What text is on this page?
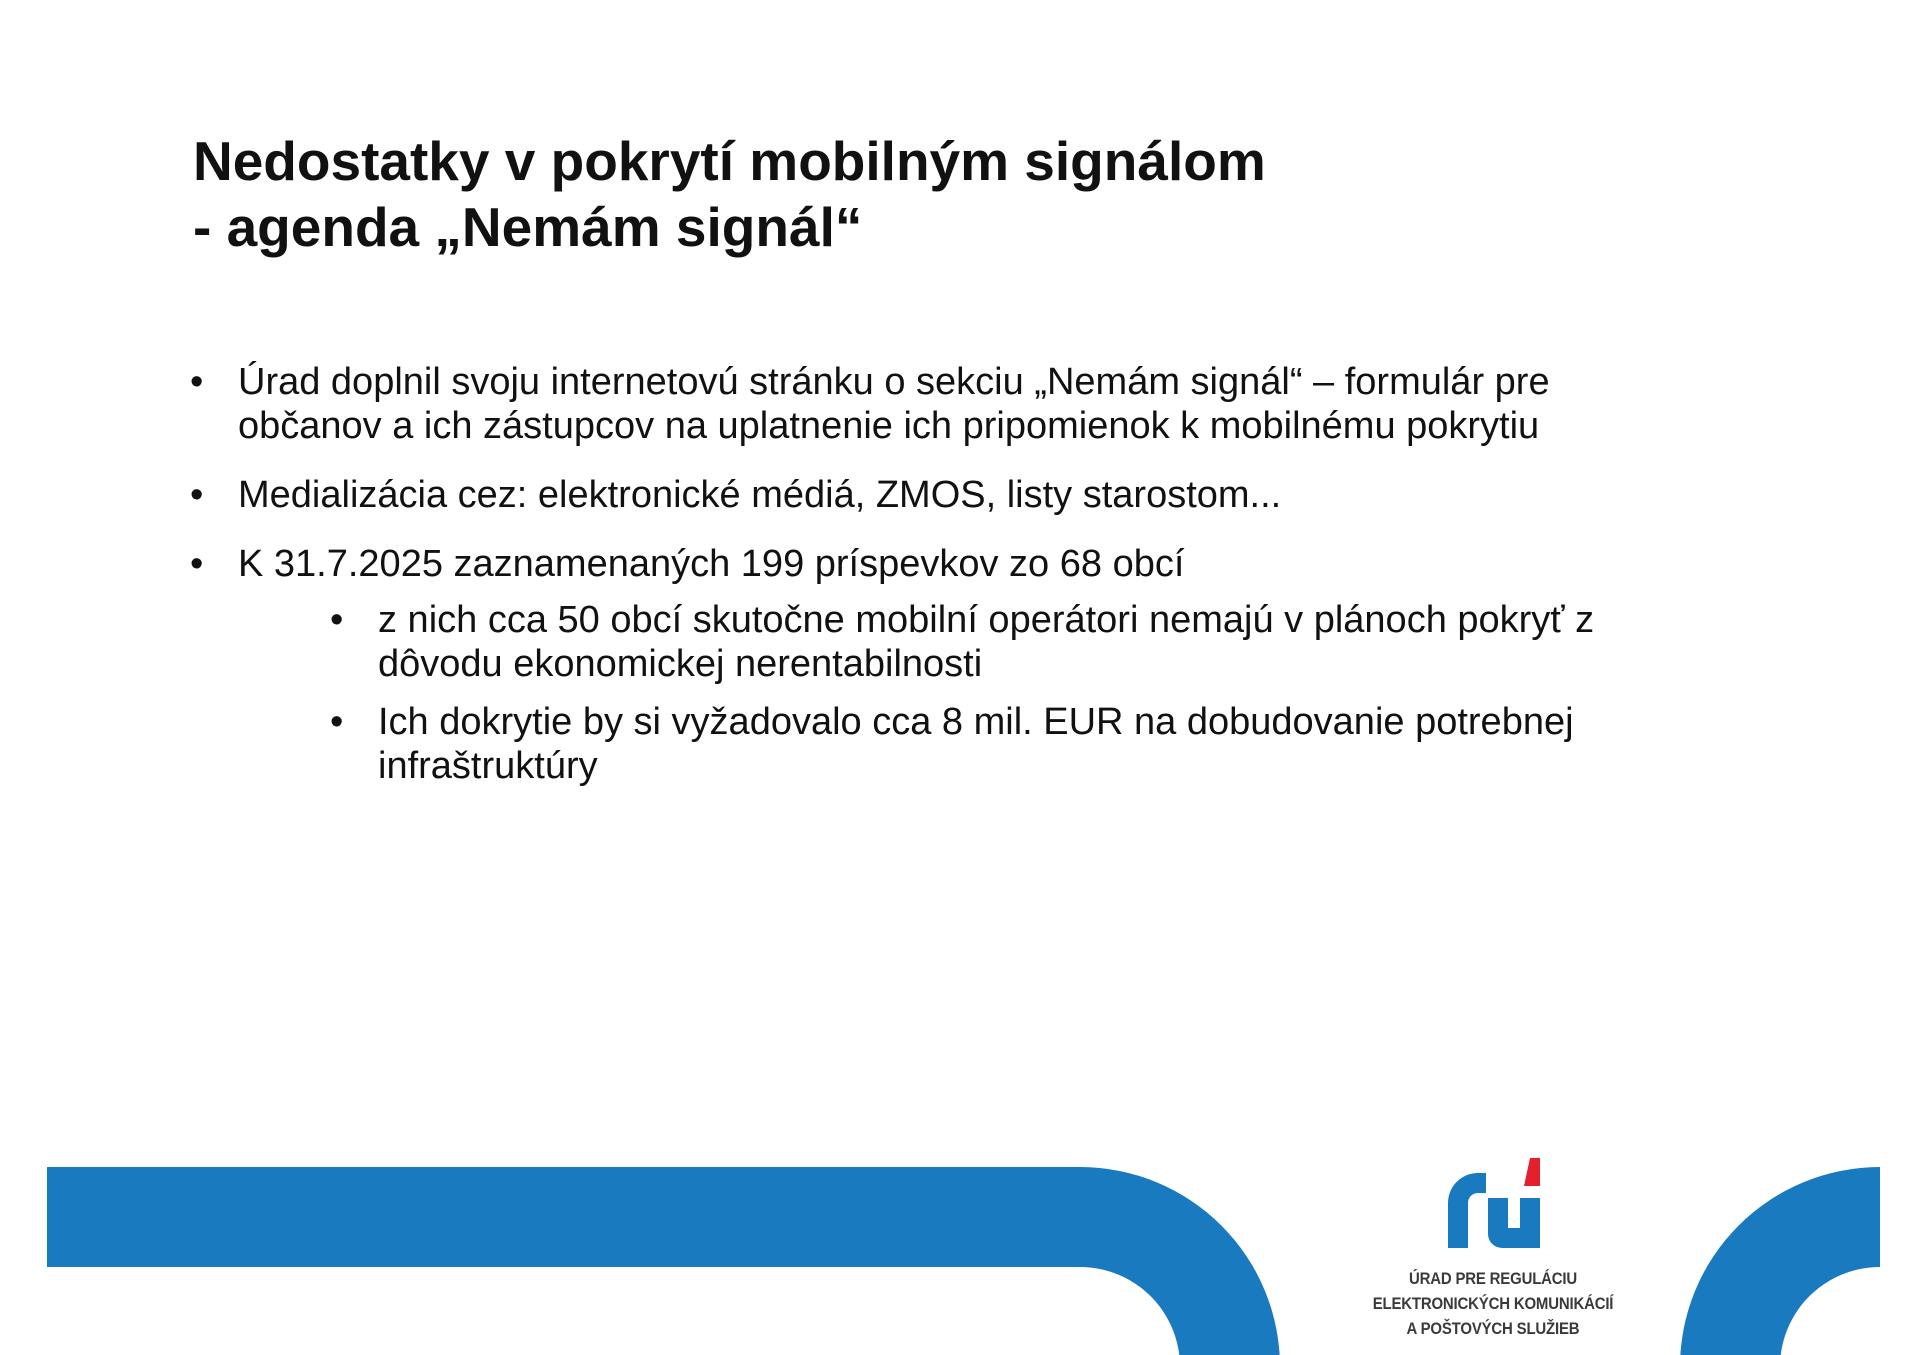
Nedostatky v pokrytí mobilným signálom
- agenda „Nemám signál“
• Úrad doplnil svoju internetovú stránku o sekciu „Nemám signál“ – formulár pre občanov a ich zástupcov na uplatnenie ich pripomienok k mobilnému pokrytiu
• Medializácia cez: elektronické médiá, ZMOS, listy starostom...
• K 31.7.2025 zaznamenaných 199 príspevkov zo 68 obcí
• z nich cca 50 obcí skutočne mobilní operátori nemajú v plánoch pokryť z dôvodu ekonomickej nerentabilnosti
• Ich dokrytie by si vyžadovalo cca 8 mil. EUR na dobudovanie potrebnej infraštruktúry
ÚRAD PRE REGULÁCIU
ELEKTRONICKÝCH KOMUNIKÁCIÍ
A POŠTOVÝCH SLUŽIEB
